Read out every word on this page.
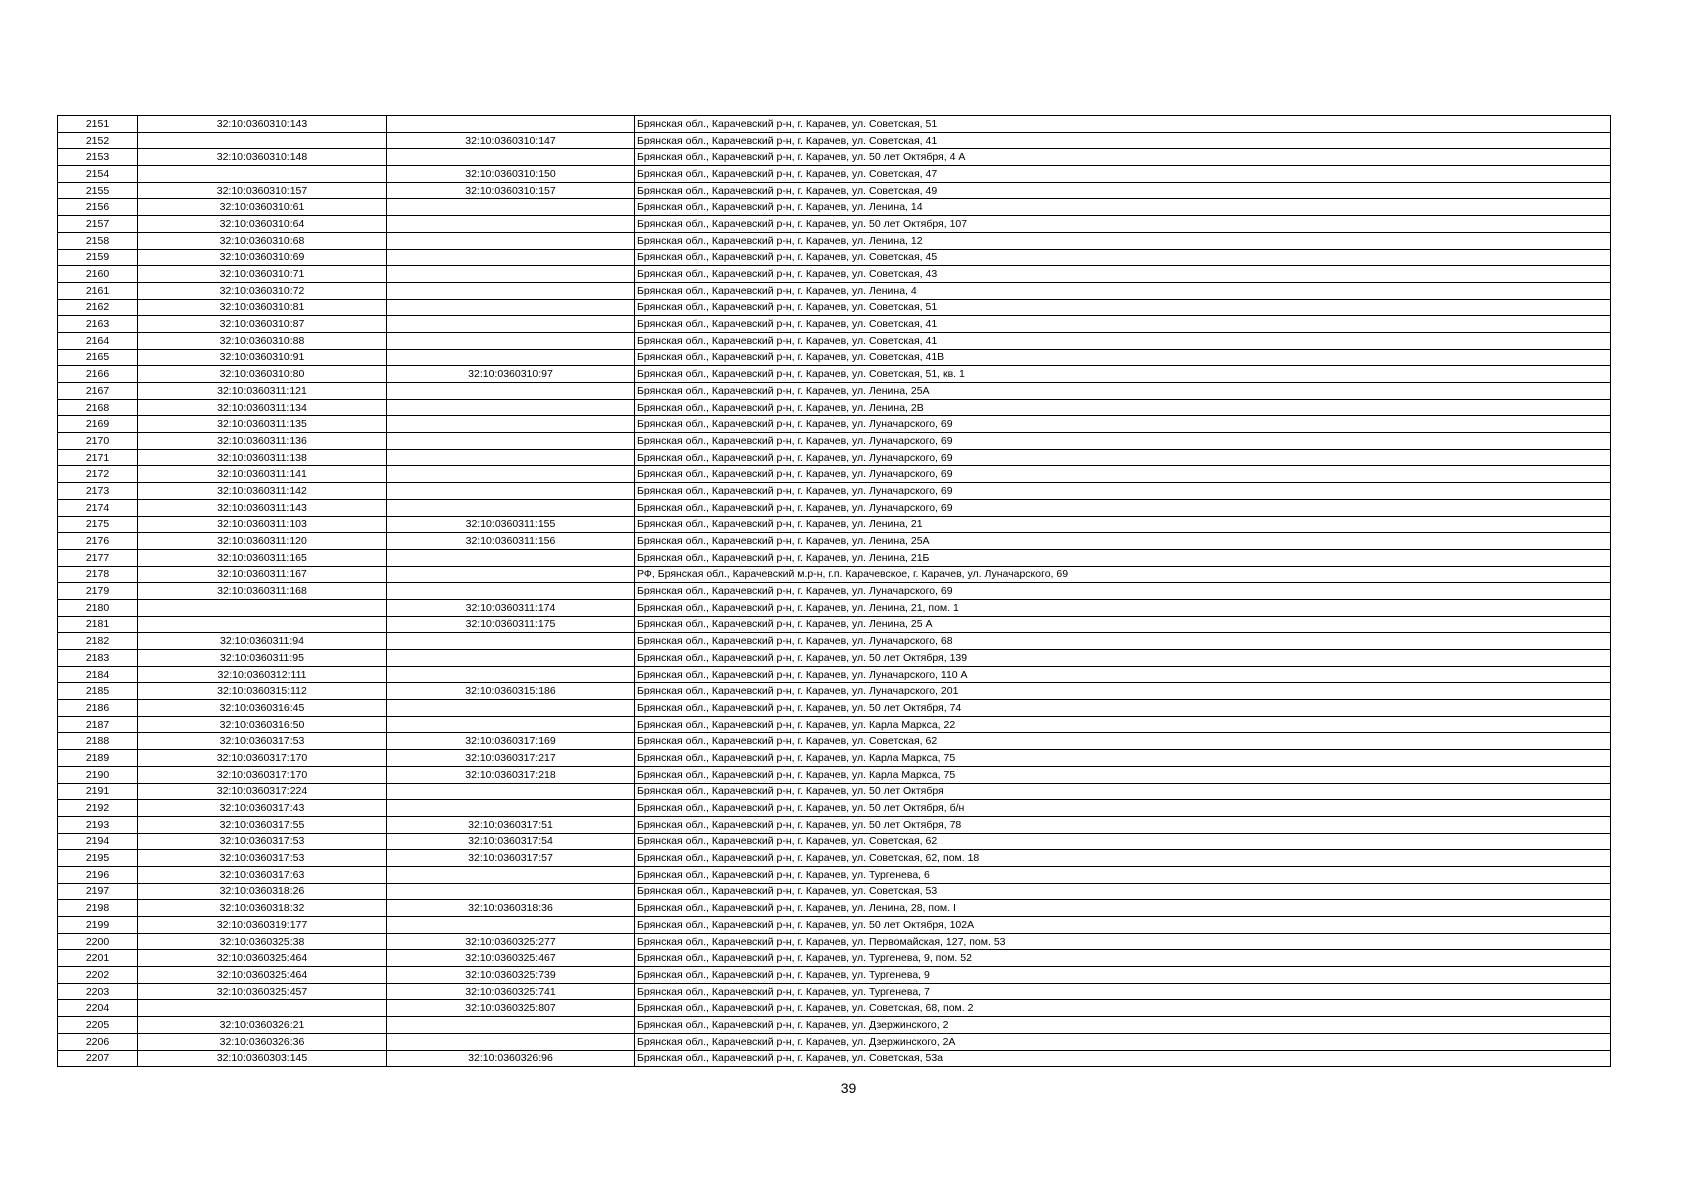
2151	32:10:0360310:143		Брянская обл., Карачевский р-н, г. Карачев, ул. Советская, 51
2152		32:10:0360310:147	Брянская обл., Карачевский р-н, г. Карачев, ул. Советская, 41
2153	32:10:0360310:148		Брянская обл., Карачевский р-н, г. Карачев, ул. 50 лет Октября, 4 А
2154		32:10:0360310:150	Брянская обл., Карачевский р-н, г. Карачев, ул. Советская, 47
2155	32:10:0360310:157	32:10:0360310:157	Брянская обл., Карачевский р-н, г. Карачев, ул. Советская, 49
2156	32:10:0360310:61		Брянская обл., Карачевский р-н, г. Карачев, ул. Ленина, 14
2157	32:10:0360310:64		Брянская обл., Карачевский р-н, г. Карачев, ул. 50 лет Октября, 107
2158	32:10:0360310:68		Брянская обл., Карачевский р-н, г. Карачев, ул. Ленина, 12
2159	32:10:0360310:69		Брянская обл., Карачевский р-н, г. Карачев, ул. Советская, 45
2160	32:10:0360310:71		Брянская обл., Карачевский р-н, г. Карачев, ул. Советская, 43
2161	32:10:0360310:72		Брянская обл., Карачевский р-н, г. Карачев, ул. Ленина, 4
2162	32:10:0360310:81		Брянская обл., Карачевский р-н, г. Карачев, ул. Советская, 51
2163	32:10:0360310:87		Брянская обл., Карачевский р-н, г. Карачев, ул. Советская, 41
2164	32:10:0360310:88		Брянская обл., Карачевский р-н, г. Карачев, ул. Советская, 41
2165	32:10:0360310:91		Брянская обл., Карачевский р-н, г. Карачев, ул. Советская, 41В
2166	32:10:0360310:80	32:10:0360310:97	Брянская обл., Карачевский р-н, г. Карачев, ул. Советская, 51, кв. 1
2167	32:10:0360311:121		Брянская обл., Карачевский р-н, г. Карачев, ул. Ленина, 25А
2168	32:10:0360311:134		Брянская обл., Карачевский р-н, г. Карачев, ул. Ленина, 2В
2169	32:10:0360311:135		Брянская обл., Карачевский р-н, г. Карачев, ул. Луначарского, 69
2170	32:10:0360311:136		Брянская обл., Карачевский р-н, г. Карачев, ул. Луначарского, 69
2171	32:10:0360311:138		Брянская обл., Карачевский р-н, г. Карачев, ул. Луначарского, 69
2172	32:10:0360311:141		Брянская обл., Карачевский р-н, г. Карачев, ул. Луначарского, 69
2173	32:10:0360311:142		Брянская обл., Карачевский р-н, г. Карачев, ул. Луначарского, 69
2174	32:10:0360311:143		Брянская обл., Карачевский р-н, г. Карачев, ул. Луначарского, 69
2175	32:10:0360311:103	32:10:0360311:155	Брянская обл., Карачевский р-н, г. Карачев, ул. Ленина, 21
2176	32:10:0360311:120	32:10:0360311:156	Брянская обл., Карачевский р-н, г. Карачев, ул. Ленина, 25А
2177	32:10:0360311:165		Брянская обл., Карачевский р-н, г. Карачев, ул. Ленина, 21Б
2178	32:10:0360311:167		РФ, Брянская обл., Карачевский м.р-н, г.п. Карачевское, г. Карачев, ул. Луначарского, 69
2179	32:10:0360311:168		Брянская обл., Карачевский р-н, г. Карачев, ул. Луначарского, 69
2180		32:10:0360311:174	Брянская обл., Карачевский р-н, г. Карачев, ул. Ленина, 21, пом. 1
2181		32:10:0360311:175	Брянская обл., Карачевский р-н, г. Карачев, ул. Ленина, 25 А
2182	32:10:0360311:94		Брянская обл., Карачевский р-н, г. Карачев, ул. Луначарского, 68
2183	32:10:0360311:95		Брянская обл., Карачевский р-н, г. Карачев, ул. 50 лет Октября, 139
2184	32:10:0360312:111		Брянская обл., Карачевский р-н, г. Карачев, ул. Луначарского, 110 А
2185	32:10:0360315:112	32:10:0360315:186	Брянская обл., Карачевский р-н, г. Карачев, ул. Луначарского, 201
2186	32:10:0360316:45		Брянская обл., Карачевский р-н, г. Карачев, ул. 50 лет Октября, 74
2187	32:10:0360316:50		Брянская обл., Карачевский р-н, г. Карачев, ул. Карла Маркса, 22
2188	32:10:0360317:53	32:10:0360317:169	Брянская обл., Карачевский р-н, г. Карачев, ул. Советская, 62
2189	32:10:0360317:170	32:10:0360317:217	Брянская обл., Карачевский р-н, г. Карачев, ул. Карла Маркса, 75
2190	32:10:0360317:170	32:10:0360317:218	Брянская обл., Карачевский р-н, г. Карачев, ул. Карла Маркса, 75
2191	32:10:0360317:224		Брянская обл., Карачевский р-н, г. Карачев, ул. 50 лет Октября
2192	32:10:0360317:43		Брянская обл., Карачевский р-н, г. Карачев, ул. 50 лет Октября, б/н
2193	32:10:0360317:55	32:10:0360317:51	Брянская обл., Карачевский р-н, г. Карачев, ул. 50 лет Октября, 78
2194	32:10:0360317:53	32:10:0360317:54	Брянская обл., Карачевский р-н, г. Карачев, ул. Советская, 62
2195	32:10:0360317:53	32:10:0360317:57	Брянская обл., Карачевский р-н, г. Карачев, ул. Советская, 62, пом. 18
2196	32:10:0360317:63		Брянская обл., Карачевский р-н, г. Карачев, ул. Тургенева, 6
2197	32:10:0360318:26		Брянская обл., Карачевский р-н, г. Карачев, ул. Советская, 53
2198	32:10:0360318:32	32:10:0360318:36	Брянская обл., Карачевский р-н, г. Карачев, ул. Ленина, 28, пом. I
2199	32:10:0360319:177		Брянская обл., Карачевский р-н, г. Карачев, ул. 50 лет Октября, 102А
2200	32:10:0360325:38	32:10:0360325:277	Брянская обл., Карачевский р-н, г. Карачев, ул. Первомайская, 127, пом. 53
2201	32:10:0360325:464	32:10:0360325:467	Брянская обл., Карачевский р-н, г. Карачев, ул. Тургенева, 9, пом. 52
2202	32:10:0360325:464	32:10:0360325:739	Брянская обл., Карачевский р-н, г. Карачев, ул. Тургенева, 9
2203	32:10:0360325:457	32:10:0360325:741	Брянская обл., Карачевский р-н, г. Карачев, ул. Тургенева, 7
2204		32:10:0360325:807	Брянская обл., Карачевский р-н, г. Карачев, ул. Советская, 68, пом. 2
2205	32:10:0360326:21		Брянская обл., Карачевский р-н, г. Карачев, ул. Дзержинского, 2
2206	32:10:0360326:36		Брянская обл., Карачевский р-н, г. Карачев, ул. Дзержинского, 2А
2207	32:10:0360303:145	32:10:0360326:96	Брянская обл., Карачевский р-н, г. Карачев, ул. Советская, 53а
39
